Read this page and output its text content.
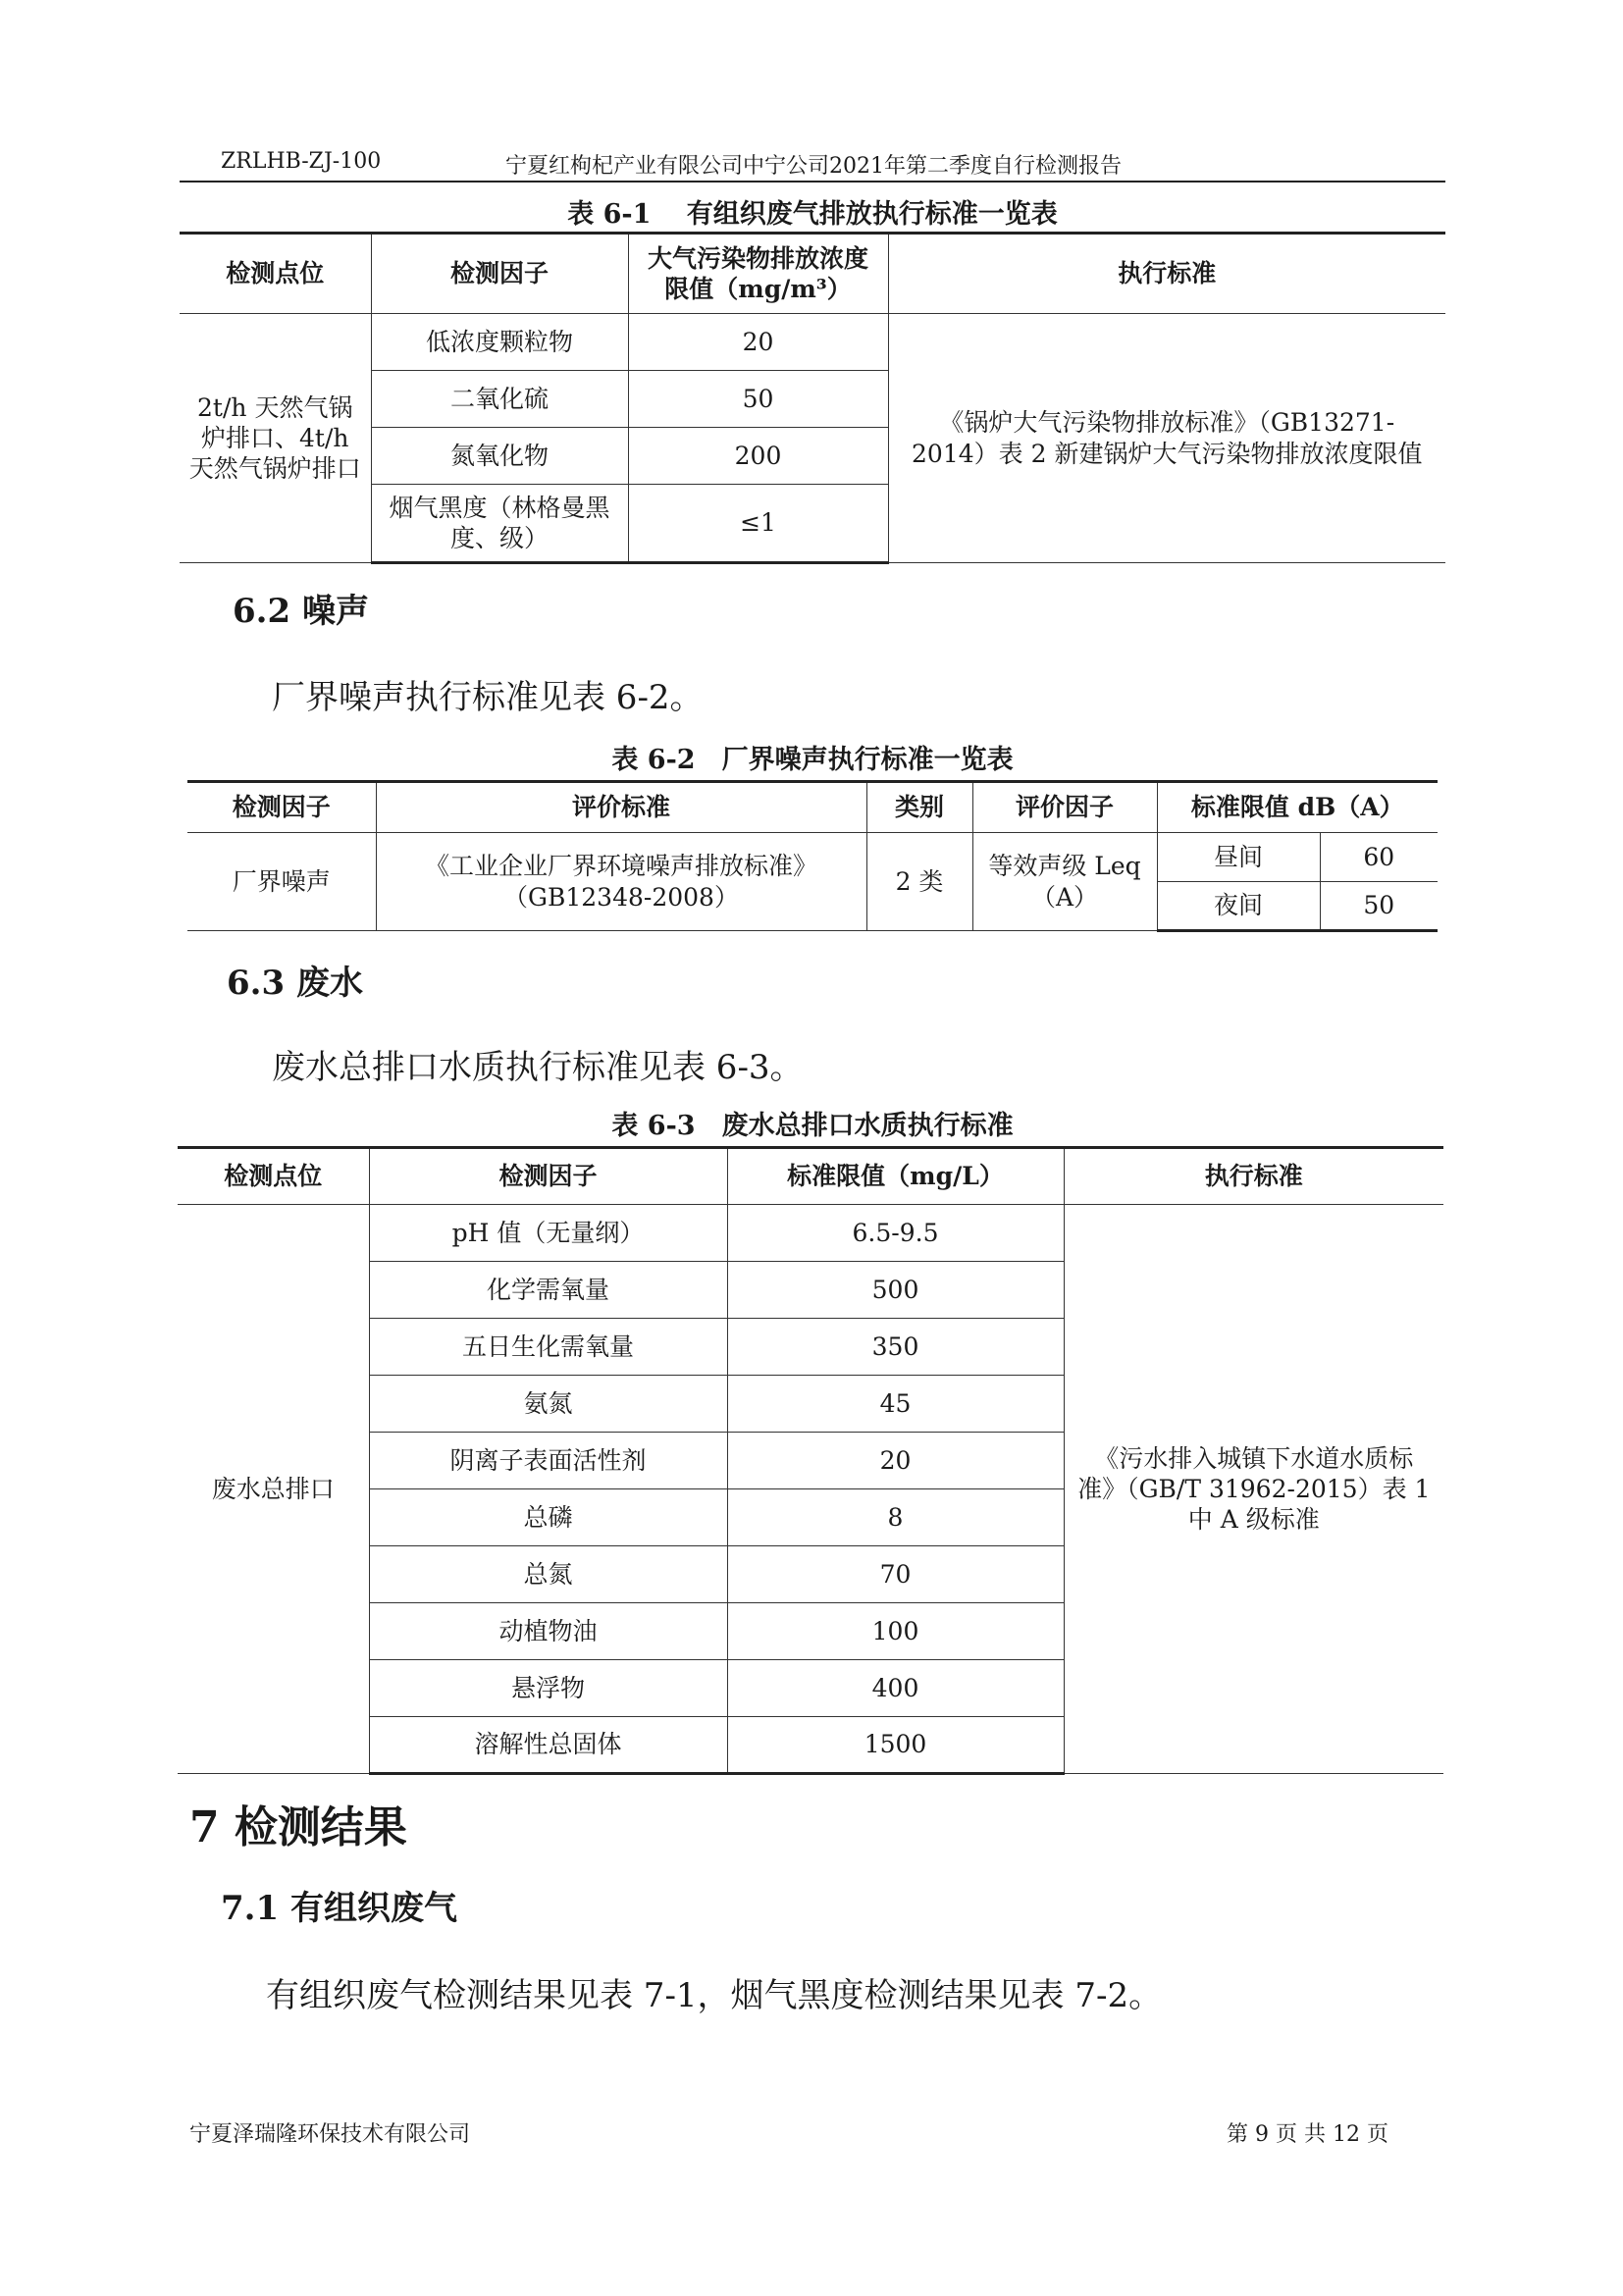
ZRLHB-ZJ-100	宁夏红枸杞产业有限公司中宁公司2021年第二季度自行检测报告
表 6-1　 有组织废气排放执行标准一览表
检测点位	检测因子	大气污染物排放浓度限值（mg/m³）	执行标准
2t/h 天然气锅炉排口、4t/h 天然气锅炉排口	低浓度颗粒物	20	《锅炉大气污染物排放标准》（GB13271-2014）表 2 新建锅炉大气污染物排放浓度限值
	二氧化硫	50	
	氮氧化物	200	
	烟气黑度（林格曼黑度、级）	≤1	
6.2 噪声
厂界噪声执行标准见表 6-2。
表 6-2　厂界噪声执行标准一览表
检测因子	评价标准	类别	评价因子	标准限值 dB（A）	
厂界噪声	《工业企业厂界环境噪声排放标准》（GB12348-2008）	2 类	等效声级 Leq（A）	昼间	60
				夜间	50
6.3 废水
废水总排口水质执行标准见表 6-3。
表 6-3　废水总排口水质执行标准
检测点位	检测因子	标准限值（mg/L）	执行标准
废水总排口	pH 值（无量纲）	6.5-9.5	《污水排入城镇下水道水质标准》（GB/T 31962-2015）表 1 中 A 级标准
	化学需氧量	500	
	五日生化需氧量	350	
	氨氮	45	
	阴离子表面活性剂	20	
	总磷	8	
	总氮	70	
	动植物油	100	
	悬浮物	400	
	溶解性总固体	1500	
7 检测结果
7.1 有组织废气
有组织废气检测结果见表 7-1，烟气黑度检测结果见表 7-2。
宁夏泽瑞隆环保技术有限公司	第 9 页 共 12 页
